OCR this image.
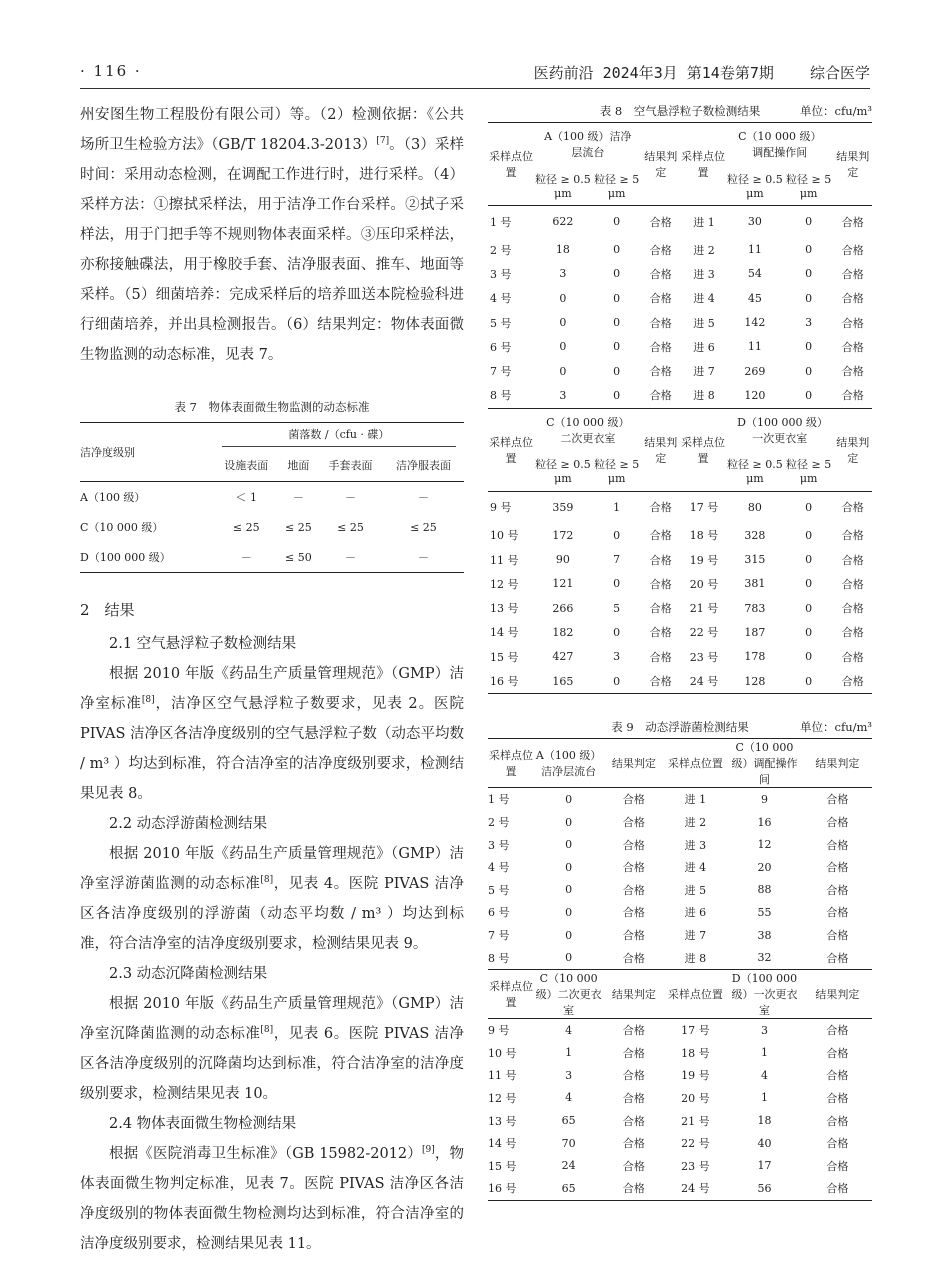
· 116 ·	医药前沿 2024年3月 第14卷第7期    综合医学

州安图生物工程股份有限公司）等。（2）检测依据：《公共场所卫生检验方法》（GB/T 18204.3-2013）[7]。（3）采样时间：采用动态检测，在调配工作进行时，进行采样。（4）采样方法：①擦拭采样法，用于洁净工作台采样。②拭子采样法，用于门把手等不规则物体表面采样。③压印采样法，亦称接触碟法，用于橡胶手套、洁净服表面、推车、地面等采样。（5）细菌培养：完成采样后的培养皿送本院检验科进行细菌培养，并出具检测报告。（6）结果判定：物体表面微生物监测的动态标准，见表 7。

表 7　物体表面微生物监测的动态标准
洁净度级别	菌落数 /（cfu · 碟）			

	设施表面	地面	手套表面	洁净服表面
A（100 级）	＜ 1	－	－	－
C（10 000 级）	≤ 25	≤ 25	≤ 25	≤ 25
D（100 000 级）	－	≤ 50	－	－
2　结果
2.1 空气悬浮粒子数检测结果

根据 2010 年版《药品生产质量管理规范》（GMP）洁净室标准[8]，洁净区空气悬浮粒子数要求，见表 2。医院 PIVAS 洁净区各洁净度级别的空气悬浮粒子数（动态平均数 / m³ ）均达到标准，符合洁净室的洁净度级别要求，检测结果见表 8。

2.2 动态浮游菌检测结果

根据 2010 年版《药品生产质量管理规范》（GMP）洁净室浮游菌监测的动态标准[8]，见表 4。医院 PIVAS 洁净区各洁净度级别的浮游菌（动态平均数 / m³ ）均达到标准，符合洁净室的洁净度级别要求，检测结果见表 9。

2.3 动态沉降菌检测结果

根据 2010 年版《药品生产质量管理规范》（GMP）洁净室沉降菌监测的动态标准[8]，见表 6。医院 PIVAS 洁净区各洁净度级别的沉降菌均达到标准，符合洁净室的洁净度级别要求，检测结果见表 10。

2.4 物体表面微生物检测结果

根据《医院消毒卫生标准》（GB 15982-2012）[9]，物体表面微生物判定标准，见表 7。医院 PIVAS 洁净区各洁净度级别的物体表面微生物检测均达到标准，符合洁净室的洁净度级别要求，检测结果见表 11。

表 8　空气悬浮粒子数检测结果	单位：cfu/m³
采样点位置	A（100 级）洁净层流台		结果判定	采样点位置	C（10 000 级）调配操作间		结果判定
	粒径 ≥ 0.5 μm	粒径 ≥ 5 μm			粒径 ≥ 0.5 μm	粒径 ≥ 5 μm	
1 号	622	0	合格	进 1	30	0	合格
2 号	18	0	合格	进 2	11	0	合格
3 号	3	0	合格	进 3	54	0	合格
4 号	0	0	合格	进 4	45	0	合格
5 号	0	0	合格	进 5	142	3	合格
6 号	0	0	合格	进 6	11	0	合格
7 号	0	0	合格	进 7	269	0	合格
8 号	3	0	合格	进 8	120	0	合格
采样点位置	C（10 000 级）二次更衣室		结果判定	采样点位置	D（100 000 级）一次更衣室		结果判定
	粒径 ≥ 0.5 μm	粒径 ≥ 5 μm			粒径 ≥ 0.5 μm	粒径 ≥ 5 μm	
9 号	359	1	合格	17 号	80	0	合格
10 号	172	0	合格	18 号	328	0	合格
11 号	90	7	合格	19 号	315	0	合格
12 号	121	0	合格	20 号	381	0	合格
13 号	266	5	合格	21 号	783	0	合格
14 号	182	0	合格	22 号	187	0	合格
15 号	427	3	合格	23 号	178	0	合格
16 号	165	0	合格	24 号	128	0	合格
表 9　动态浮游菌检测结果	单位：cfu/m³
采样点位置	A（100 级）洁净层流台	结果判定	采样点位置	C（10 000 级）调配操作间	结果判定
1 号	0	合格	进 1	9	合格
2 号	0	合格	进 2	16	合格
3 号	0	合格	进 3	12	合格
4 号	0	合格	进 4	20	合格
5 号	0	合格	进 5	88	合格
6 号	0	合格	进 6	55	合格
7 号	0	合格	进 7	38	合格
8 号	0	合格	进 8	32	合格
采样点位置	C（10 000 级）二次更衣室	结果判定	采样点位置	D（100 000 级）一次更衣室	结果判定
9 号	4	合格	17 号	3	合格
10 号	1	合格	18 号	1	合格
11 号	3	合格	19 号	4	合格
12 号	4	合格	20 号	1	合格
13 号	65	合格	21 号	18	合格
14 号	70	合格	22 号	40	合格
15 号	24	合格	23 号	17	合格
16 号	65	合格	24 号	56	合格
